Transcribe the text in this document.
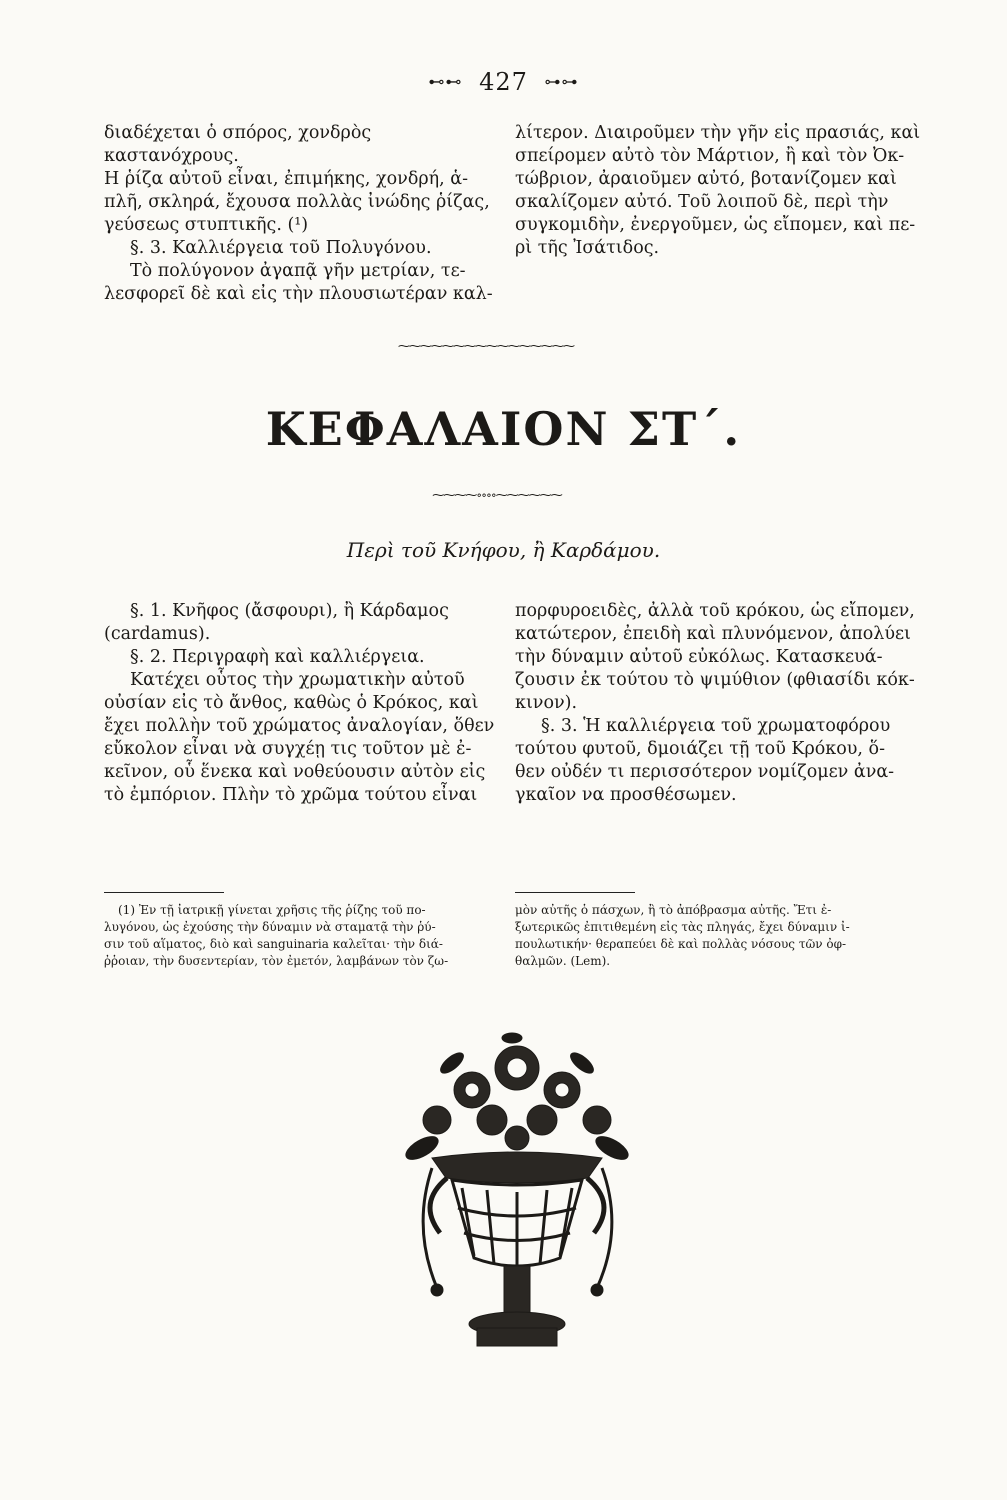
⊷⊷ 427 ⊶⊶

διαδέχεται ὁ σπόρος, χονδρὸς καστανόχρους.

Η ῥίζα αὐτοῦ εἶναι, ἐπιμήκης, χονδρή, ἁ-

πλῆ, σκληρά, ἔχουσα πολλὰς ἰνώδης ῥίζας,

γεύσεως στυπτικῆς. (¹)

§. 3. Καλλιέργεια τοῦ Πολυγόνου.

Τὸ πολύγονον ἀγαπᾷ γῆν μετρίαν, τε-

λεσφορεῖ δὲ καὶ εἰς τὴν πλουσιωτέραν καλ-

λίτερον. Διαιροῦμεν τὴν γῆν εἰς πρασιάς, καὶ

σπείρομεν αὐτὸ τὸν Μάρτιον, ἢ καὶ τὸν Ὀκ-

τώβριον, ἀραιοῦμεν αὐτό, βοτανίζομεν καὶ

σκαλίζομεν αὐτό. Τοῦ λοιποῦ δὲ, περὶ τὴν

συγκομιδὴν, ἐνεργοῦμεν, ὡς εἴπομεν, καὶ πε-

ρὶ τῆς Ἰσάτιδος.

⁓⁓⁓⁓⁓⁓⁓⁓⁓⁓⁓⁓⁓⁓⁓⁓
ΚΕΦΑΛΑΙΟΝ ΣΤ΄.
⁓⁓⁓⁓∘∘∘∘⁓⁓⁓⁓⁓⁓
Περὶ τοῦ Κνήφου, ἢ Καρδάμου.

§. 1. Κνῆφος (ἄσφουρι), ἢ Κάρδαμος

(cardamus).

§. 2. Περιγραφὴ καὶ καλλιέργεια.

Κατέχει οὗτος τὴν χρωματικὴν αὐτοῦ

οὐσίαν εἰς τὸ ἄνθος, καθὼς ὁ Κρόκος, καὶ

ἔχει πολλὴν τοῦ χρώματος ἀναλογίαν, ὅθεν

εὔκολον εἶναι νὰ συγχέῃ τις τοῦτον μὲ ἐ-

κεῖνον, οὗ ἕνεκα καὶ νοθεύουσιν αὐτὸν εἰς

τὸ ἐμπόριον. Πλὴν τὸ χρῶμα τούτου εἶναι

πορφυροειδὲς, ἀλλὰ τοῦ κρόκου, ὡς εἴπομεν,

κατώτερον, ἐπειδὴ καὶ πλυνόμενον, ἀπολύει

τὴν δύναμιν αὐτοῦ εὐκόλως. Κατασκευά-

ζουσιν ἐκ τούτου τὸ ψιμύθιον (φθιασίδι κόκ-

κινον).

§. 3. Ἡ καλλιέργεια τοῦ χρωματοφόρου

τούτου φυτοῦ, δμοιάζει τῇ τοῦ Κρόκου, ὅ-

θεν οὐδέν τι περισσότερον νομίζομεν ἀνα-

γκαῖον να προσθέσωμεν.

(1) Ἐν τῇ ἰατρικῇ γίνεται χρῆσις τῆς ῥίζης τοῦ πο-

λυγόνου, ὡς ἐχούσης τὴν δύναμιν νὰ σταματᾷ τὴν ῥύ-

σιν τοῦ αἵματος, διὸ καὶ sanguinaria καλεῖται· τὴν διά-

ῤῥοιαν, τὴν δυσεντερίαν, τὸν ἐμετόν, λαμβάνων τὸν ζω-

μὸν αὐτῆς ὁ πάσχων, ἢ τὸ ἀπόβρασμα αὐτῆς. Ἔτι ἐ-

ξωτερικῶς ἐπιτιθεμένη εἰς τὰς πληγάς, ἔχει δύναμιν ἰ-

πουλωτικήν· θεραπεύει δὲ καὶ πολλὰς νόσους τῶν ὀφ-

θαλμῶν. (Lem).
